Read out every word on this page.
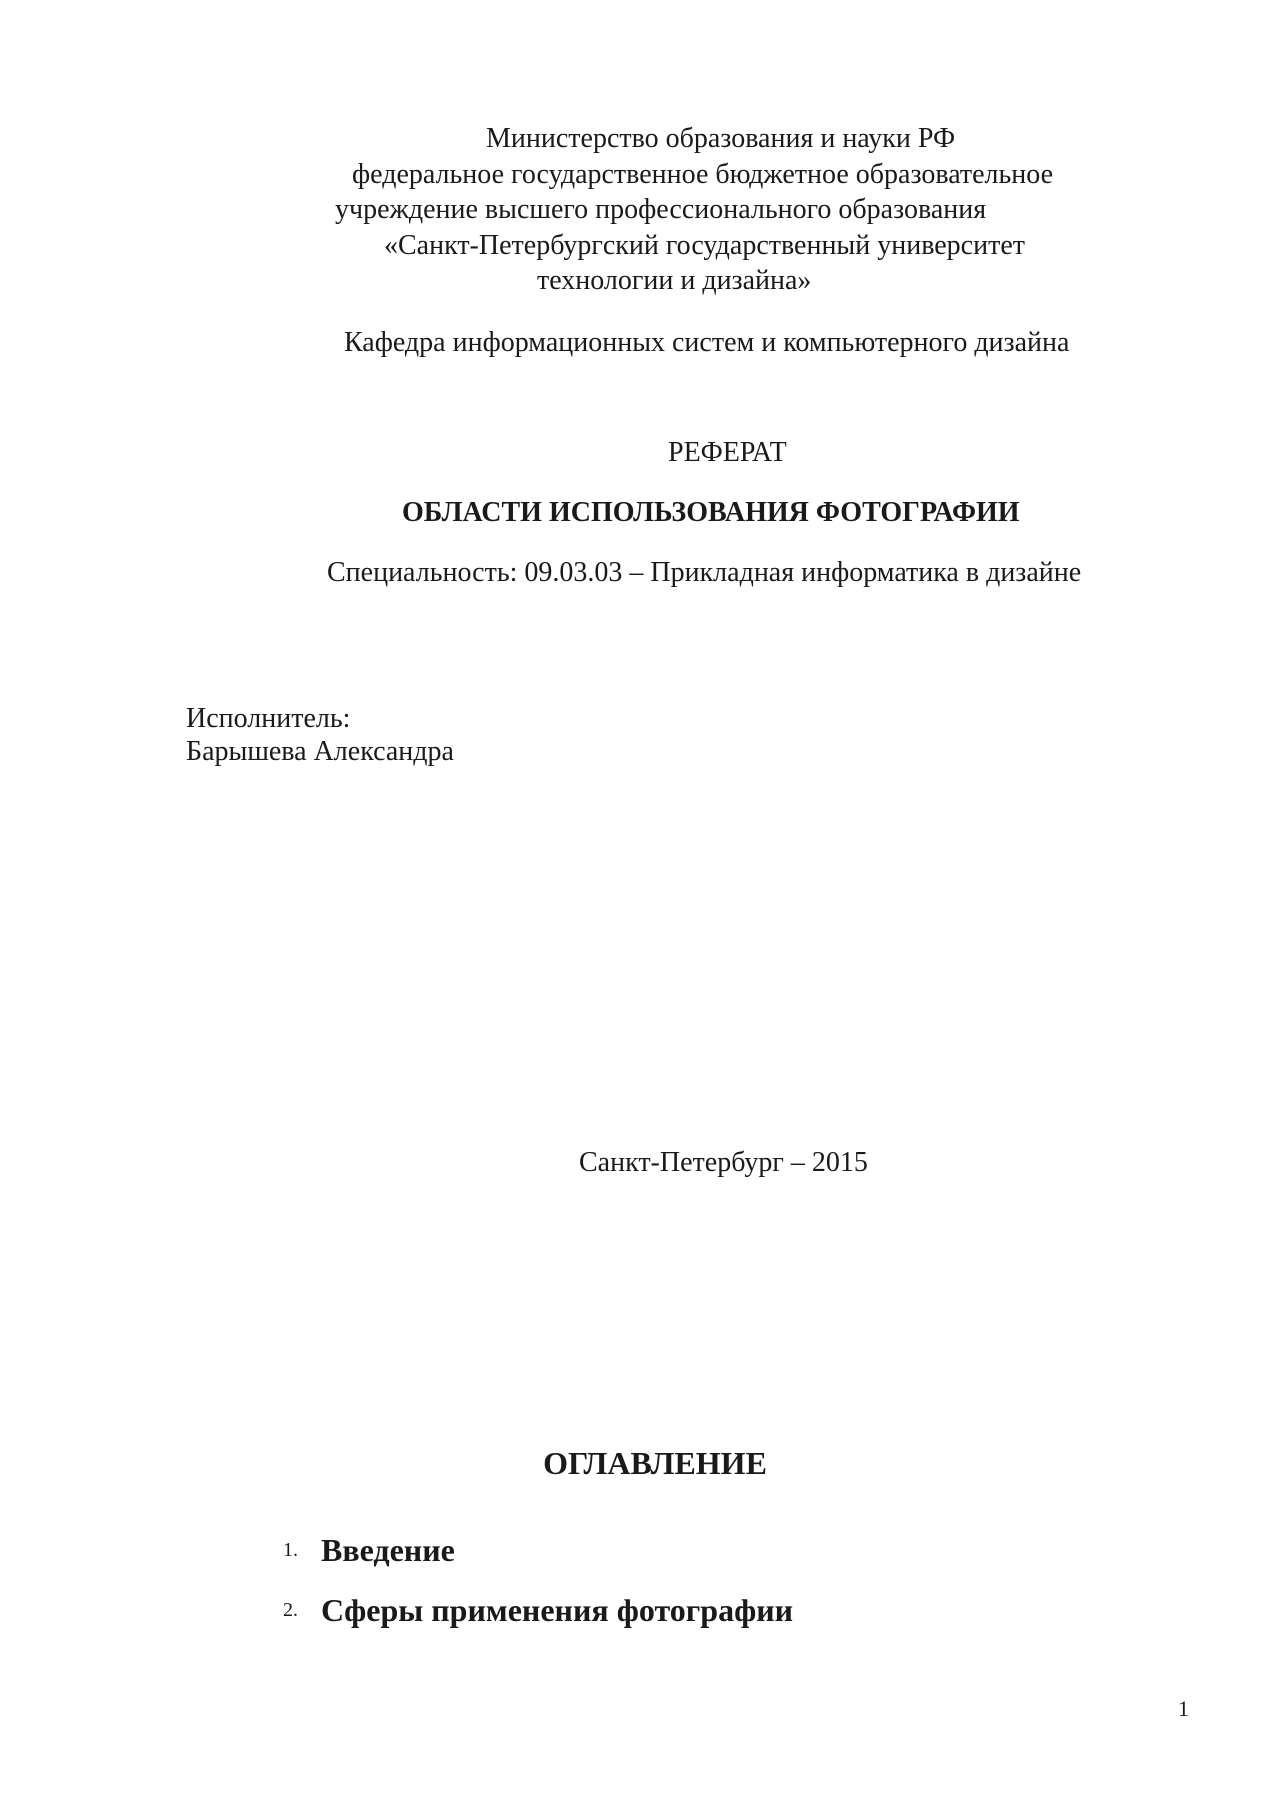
Министерство образования и науки РФ
федеральное государственное бюджетное образовательное
учреждение высшего профессионального образования
«Санкт-Петербургский государственный университет
технологии и дизайна»
Кафедра информационных систем и компьютерного дизайна
РЕФЕРАТ
ОБЛАСТИ ИСПОЛЬЗОВАНИЯ ФОТОГРАФИИ
Специальность: 09.03.03 – Прикладная информатика в дизайне
Исполнитель:
Барышева Александра
Санкт-Петербург – 2015
ОГЛАВЛЕНИЕ
1. Введение
2. Сферы применения фотографии
1
